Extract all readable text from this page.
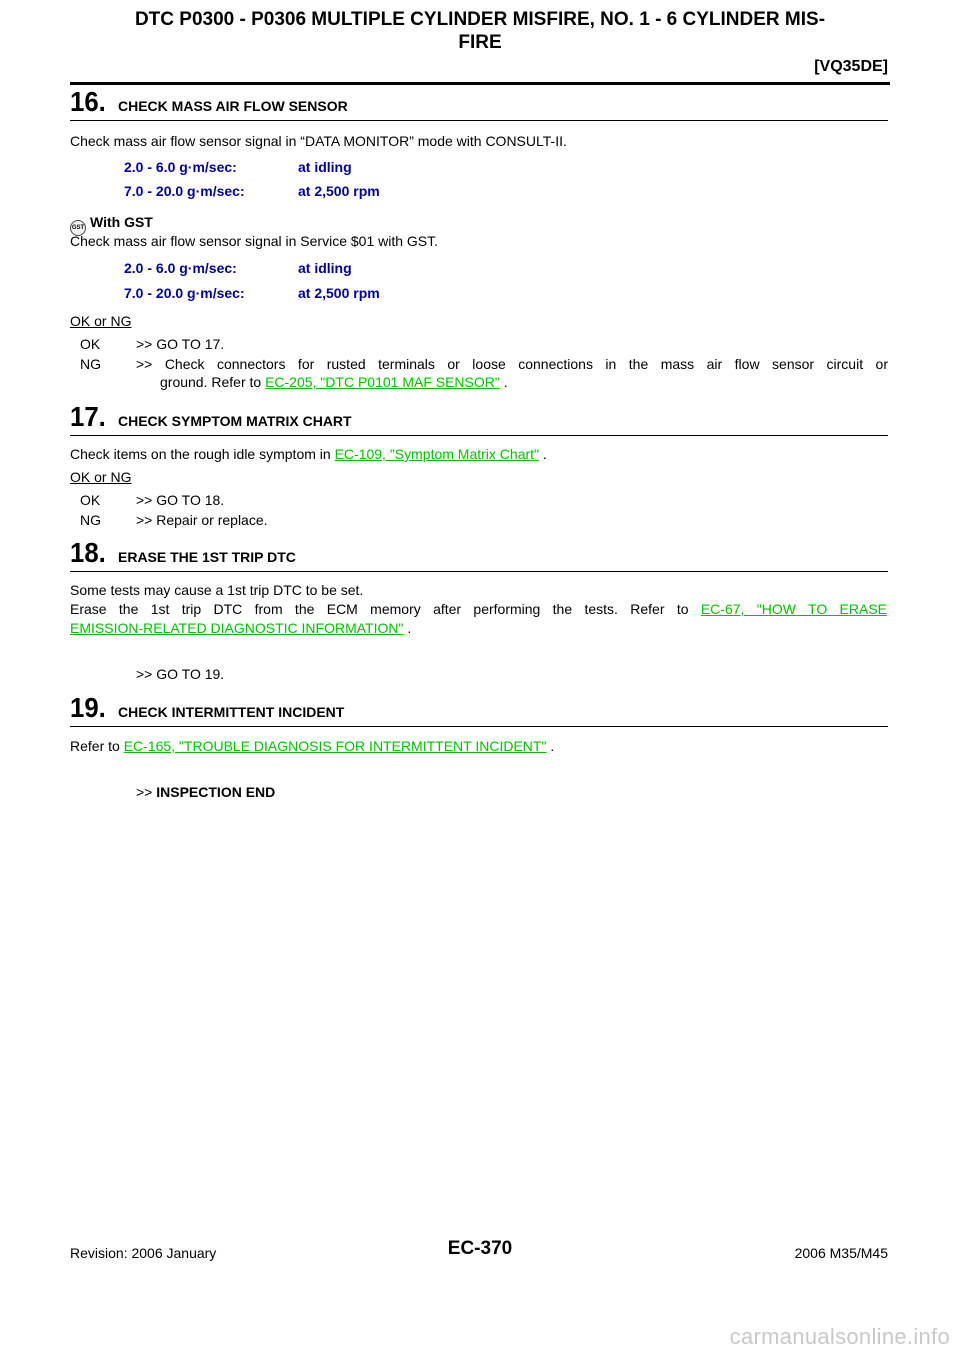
DTC P0300 - P0306 MULTIPLE CYLINDER MISFIRE, NO. 1 - 6 CYLINDER MIS-
FIRE
[VQ35DE]
16. CHECK MASS AIR FLOW SENSOR
Check mass air flow sensor signal in “DATA MONITOR” mode with CONSULT-II.
2.0 - 6.0 g·m/sec:	at idling
7.0 - 20.0 g·m/sec:	at 2,500 rpm
GST With GST
Check mass air flow sensor signal in Service $01 with GST.
2.0 - 6.0 g·m/sec:	at idling
7.0 - 20.0 g·m/sec:	at 2,500 rpm
OK or NG
OK	>> GO TO 17.
NG	>> Check connectors for rusted terminals or loose connections in the mass air flow sensor circuit or
ground. Refer to EC-205, "DTC P0101 MAF SENSOR" .
17. CHECK SYMPTOM MATRIX CHART
Check items on the rough idle symptom in EC-109, "Symptom Matrix Chart" .
OK or NG
OK	>> GO TO 18.
NG	>> Repair or replace.
18. ERASE THE 1ST TRIP DTC
Some tests may cause a 1st trip DTC to be set.
Erase the 1st trip DTC from the ECM memory after performing the tests. Refer to EC-67, "HOW TO ERASE
EMISSION-RELATED DIAGNOSTIC INFORMATION" .
>> GO TO 19.
19. CHECK INTERMITTENT INCIDENT
Refer to EC-165, "TROUBLE DIAGNOSIS FOR INTERMITTENT INCIDENT" .
>> INSPECTION END
Revision: 2006 January	EC-370	2006 M35/M45
carmanualsonline.info
